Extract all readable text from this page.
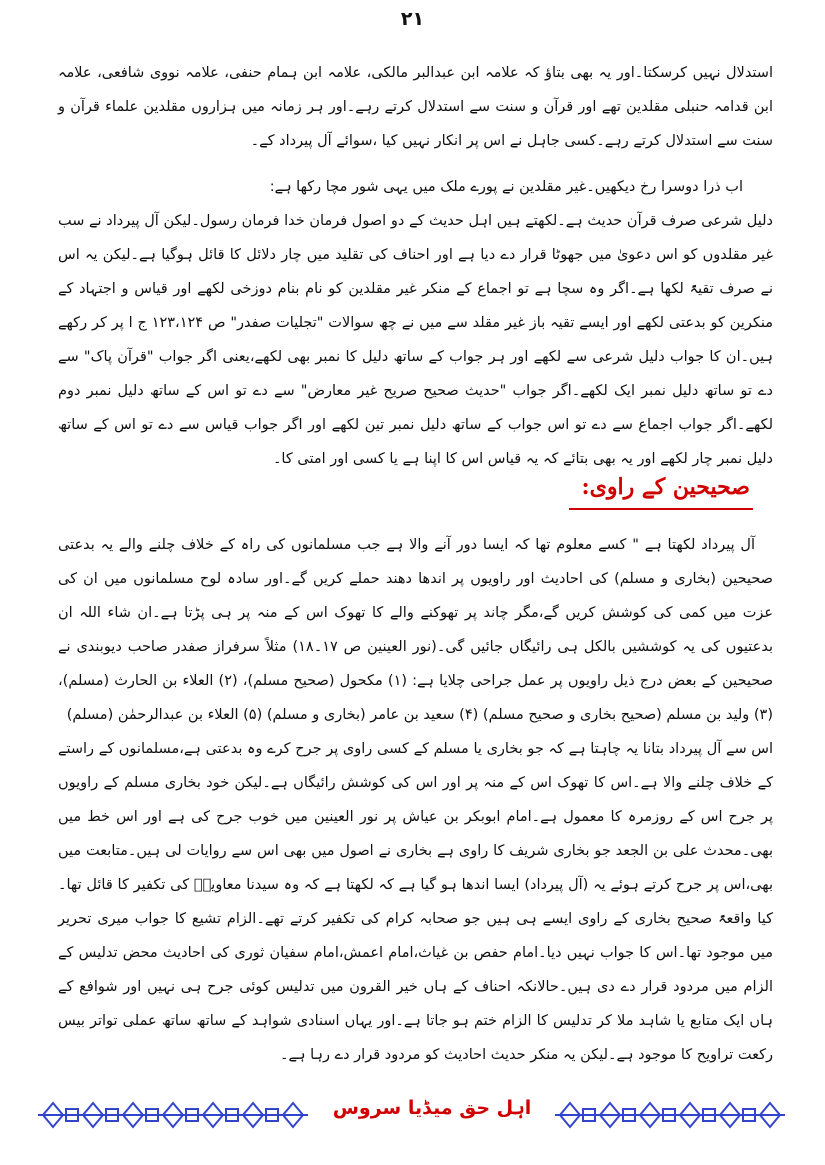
۲۱

استدلال نہیں کرسکتا۔اور یہ بھی بتاؤ کہ علامہ ابن عبدالبر مالکی، علامہ ابن ہمام حنفی، علامہ نووی شافعی، علامہ ابن قدامہ حنبلی مقلدین تھے اور قرآن و سنت سے استدلال کرتے رہے۔اور ہر زمانہ میں ہزاروں مقلدین علماء قرآن و سنت سے استدلال کرتے رہے۔کسی جاہل نے اس پر انکار نہیں کیا ،سوائے آل پیرداد کے۔

اب ذرا دوسرا رخ دیکھیں۔غیر مقلدین نے پورے ملک میں یہی شور مچا رکھا ہے:

دلیل شرعی صرف قرآن حدیث ہے۔لکھتے ہیں اہل حدیث کے دو اصول فرمان خدا فرمان رسول۔لیکن آل پیرداد نے سب غیر مقلدوں کو اس دعویٰ میں جھوٹا قرار دے دیا ہے اور احناف کی تقلید میں چار دلائل کا قائل ہوگیا ہے۔لیکن یہ اس نے صرف تقیۃً لکھا ہے۔اگر وہ سچا ہے تو اجماع کے منکر غیر مقلدین کو نام بنام دوزخی لکھے اور قیاس و اجتہاد کے منکرین کو بدعتی لکھے اور ایسے تقیہ باز غیر مقلد سے میں نے چھ سوالات "تجلیات صفدر" ص ۱۲۳،۱۲۴ ج ا پر کر رکھے ہیں۔ان کا جواب دلیل شرعی سے لکھے اور ہر جواب کے ساتھ دلیل کا نمبر بھی لکھے،یعنی اگر جواب "قرآن پاک" سے دے تو ساتھ دلیل نمبر ایک لکھے۔اگر جواب "حدیث صحیح صریح غیر معارض" سے دے تو اس کے ساتھ دلیل نمبر دوم لکھے۔اگر جواب اجماع سے دے تو اس جواب کے ساتھ دلیل نمبر تین لکھے اور اگر جواب قیاس سے دے تو اس کے ساتھ دلیل نمبر چار لکھے اور یہ بھی بتائے کہ یہ قیاس اس کا اپنا ہے یا کسی اور امتی کا۔

صحیحین کے راوی:

آل پیرداد لکھتا ہے " کسے معلوم تھا کہ ایسا دور آنے والا ہے جب مسلمانوں کی راہ کے خلاف چلنے والے یہ بدعتی صحیحین (بخاری و مسلم) کی احادیث اور راویوں پر اندھا دھند حملے کریں گے۔اور سادہ لوح مسلمانوں میں ان کی عزت میں کمی کی کوشش کریں گے،مگر چاند پر تھوکنے والے کا تھوک اس کے منہ پر ہی پڑتا ہے۔ان شاء اللہ ان بدعتیوں کی یہ کوششیں بالکل ہی رائیگاں جائیں گی۔(نور العینین ص ۱۷۔۱۸) مثلاً سرفراز صفدر صاحب دیوبندی نے صحیحین کے بعض درج ذیل راویوں پر عمل جراحی چلایا ہے: (۱) مکحول (صحیح مسلم)، (۲) العلاء بن الحارث (مسلم)، (۳) ولید بن مسلم (صحیح بخاری و صحیح مسلم) (۴) سعید بن عامر (بخاری و مسلم) (۵) العلاء بن عبدالرحمٰن (مسلم)

اس سے آل پیرداد بتانا یہ چاہتا ہے کہ جو بخاری یا مسلم کے کسی راوی پر جرح کرے وہ بدعتی ہے،مسلمانوں کے راستے کے خلاف چلنے والا ہے۔اس کا تھوک اس کے منہ پر اور اس کی کوشش رائیگاں ہے۔لیکن خود بخاری مسلم کے راویوں پر جرح اس کے روزمرہ کا معمول ہے۔امام ابوبکر بن عیاش پر نور العینین میں خوب جرح کی ہے اور اس خط میں بھی۔محدث علی بن الجعد جو بخاری شریف کا راوی ہے بخاری نے اصول میں بھی اس سے روایات لی ہیں۔متابعت میں بھی،اس پر جرح کرتے ہوئے یہ (آل پیرداد) ایسا اندھا ہو گیا ہے کہ لکھتا ہے کہ وہ سیدنا معاویہؓ کی تکفیر کا قائل تھا۔کیا واقعۃً صحیح بخاری کے راوی ایسے ہی ہیں جو صحابہ کرام کی تکفیر کرتے تھے۔الزام تشیع کا جواب میری تحریر میں موجود تھا۔اس کا جواب نہیں دیا۔امام حفص بن غیاث،امام اعمش،امام سفیان ثوری کی احادیث محض تدلیس کے الزام میں مردود قرار دے دی ہیں۔حالانکہ احناف کے ہاں خیر القرون میں تدلیس کوئی جرح ہی نہیں اور شوافع کے ہاں ایک متابع یا شاہد ملا کر تدلیس کا الزام ختم ہو جاتا ہے۔اور یہاں اسنادی شواہد کے ساتھ ساتھ عملی تواتر بیس رکعت تراویح کا موجود ہے۔لیکن یہ منکر حدیث احادیث کو مردود قرار دے رہا ہے۔

اہل حق میڈیا سروس
